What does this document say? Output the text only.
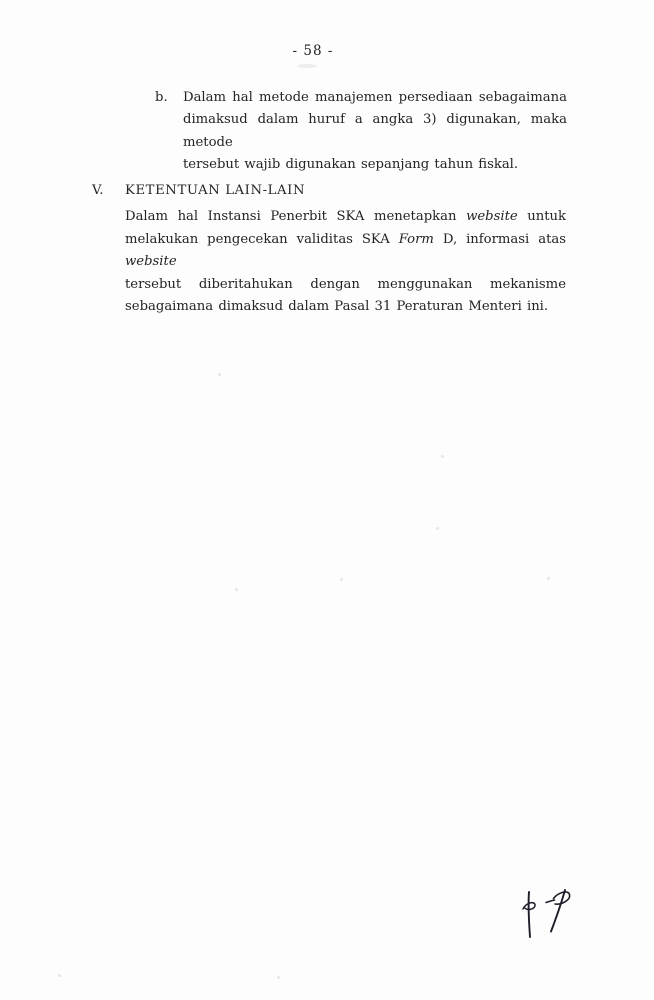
- 58 -
b.	Dalam hal metode manajemen persediaan sebagaimana
dimaksud dalam huruf a angka 3) digunakan, maka metode
tersebut wajib digunakan sepanjang tahun fiskal.
V.	KETENTUAN LAIN-LAIN
Dalam hal Instansi Penerbit SKA menetapkan website untuk
melakukan pengecekan validitas SKA Form D, informasi atas website
tersebut diberitahukan dengan menggunakan mekanisme
sebagaimana dimaksud dalam Pasal 31 Peraturan Menteri ini.
